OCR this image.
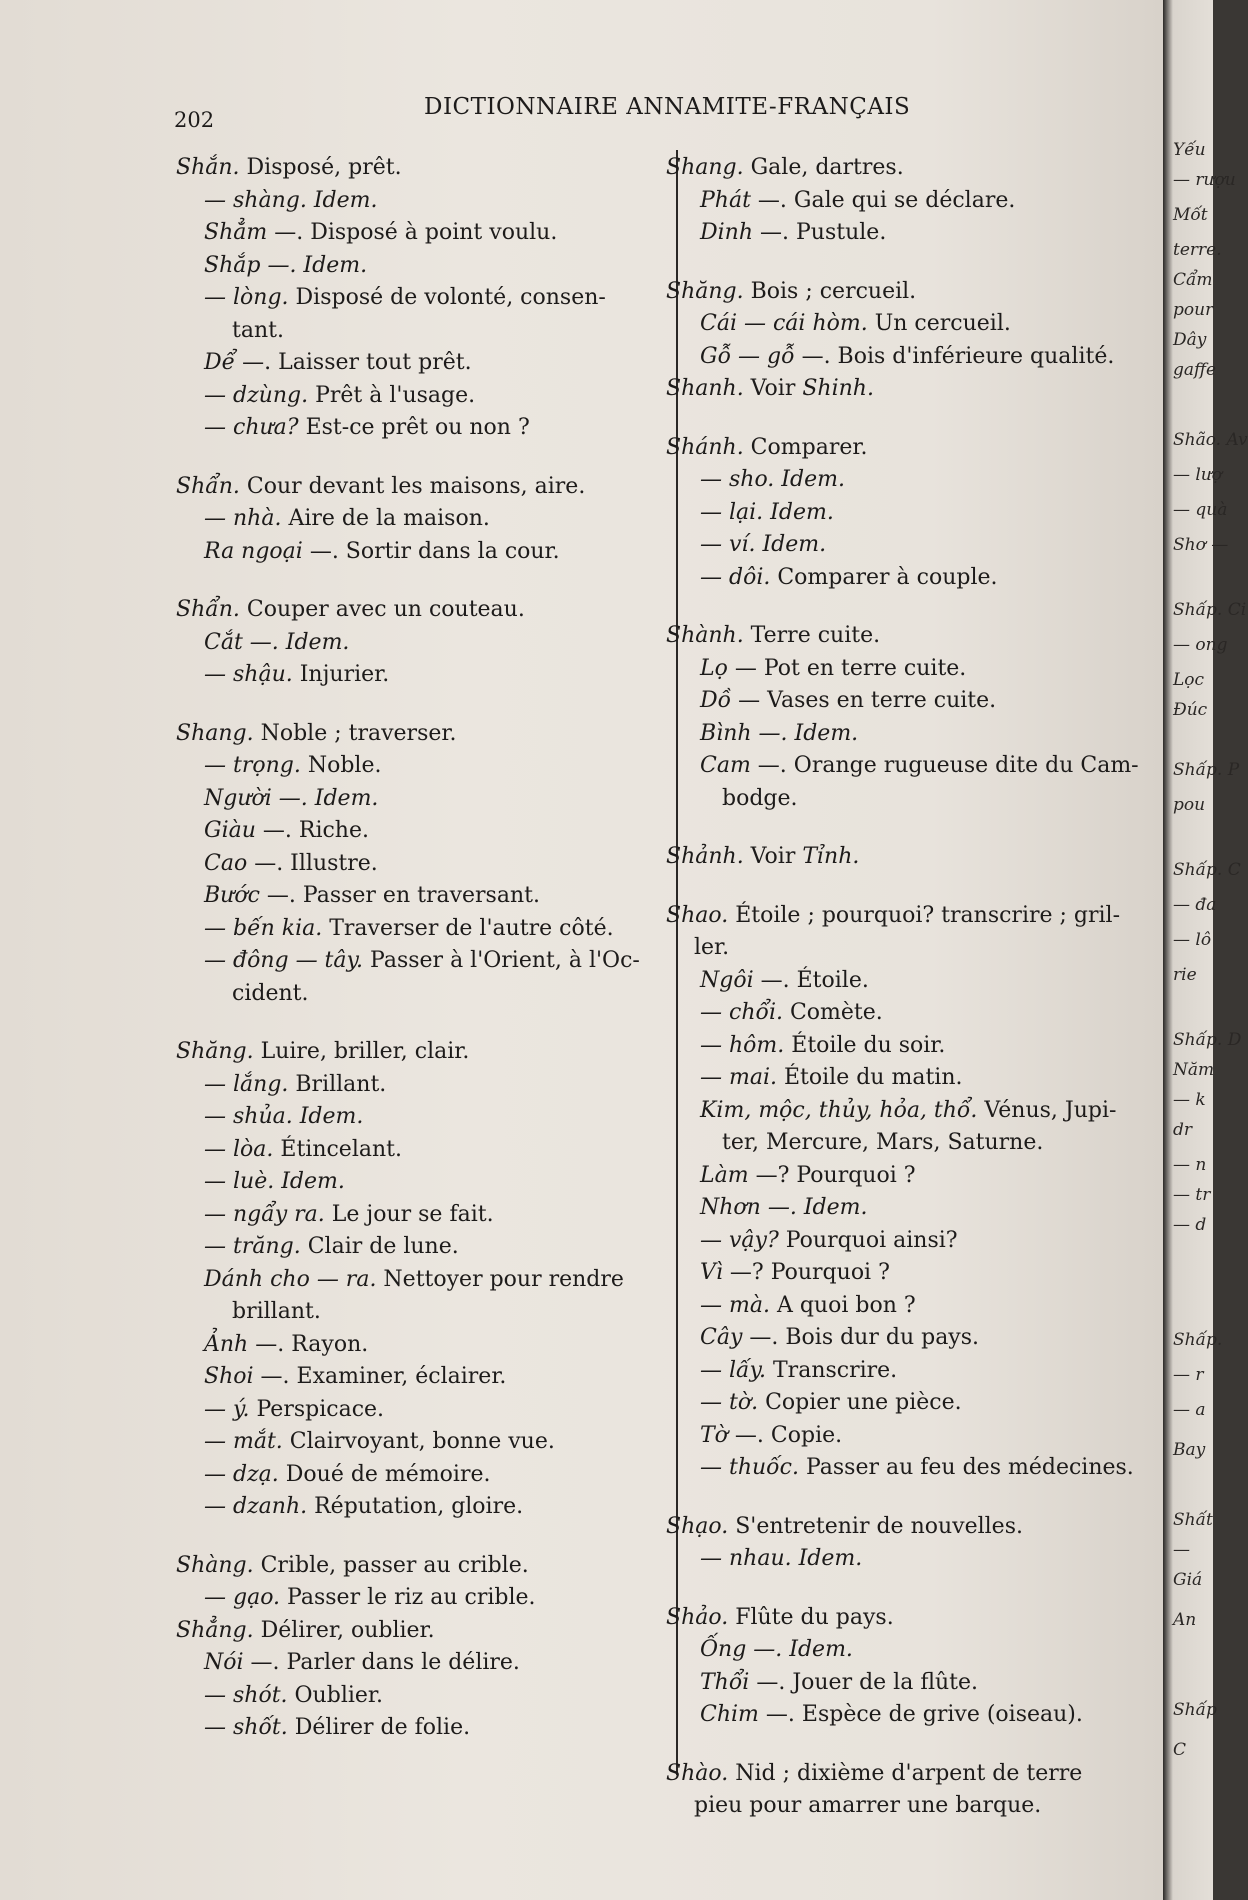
202	DICTIONNAIRE ANNAMITE-FRANÇAIS
Shắn. Disposé, prêt.
— shàng. Idem.
Shẳm —. Disposé à point voulu.
Shắp —. Idem.
— lòng. Disposé de volonté, consen-
tant.
Dể —. Laisser tout prêt.
— dzùng. Prêt à l'usage.
— chưa? Est-ce prêt ou non ?
Shẩn. Cour devant les maisons, aire.
— nhà. Aire de la maison.
Ra ngoại —. Sortir dans la cour.
Shẩn. Couper avec un couteau.
Cắt —. Idem.
— shậu. Injurier.
Shang. Noble ; traverser.
— trọng. Noble.
Người —. Idem.
Giàu —. Riche.
Cao —. Illustre.
Bước —. Passer en traversant.
— bến kia. Traverser de l'autre côté.
— đông — tây. Passer à l'Orient, à l'Oc-
cident.
Shăng. Luire, briller, clair.
— lắng. Brillant.
— shủa. Idem.
— lòa. Étincelant.
— luè. Idem.
— ngẩy ra. Le jour se fait.
— trăng. Clair de lune.
Dánh cho — ra. Nettoyer pour rendre
brillant.
Ảnh —. Rayon.
Shoi —. Examiner, éclairer.
— ý. Perspicace.
— mắt. Clairvoyant, bonne vue.
— dzạ. Doué de mémoire.
— dzanh. Réputation, gloire.
Shàng. Crible, passer au crible.
— gạo. Passer le riz au crible.
Shẳng. Délirer, oublier.
Nói —. Parler dans le délire.
— shót. Oublier.
— shốt. Délirer de folie.
Shang. Gale, dartres.
Phát —. Gale qui se déclare.
Dinh —. Pustule.
Shăng. Bois ; cercueil.
Cái — cái hòm. Un cercueil.
Gỗ — gỗ —. Bois d'inférieure qualité.
Shanh. Voir Shinh.
Shánh. Comparer.
— sho. Idem.
— lại. Idem.
— ví. Idem.
— dôi. Comparer à couple.
Shành. Terre cuite.
Lọ — Pot en terre cuite.
Dồ — Vases en terre cuite.
Bình —. Idem.
Cam —. Orange rugueuse dite du Cam-
bodge.
Shảnh. Voir Tỉnh.
Shao. Étoile ; pourquoi? transcrire ; gril-
ler.
Ngôi —. Étoile.
— chổi. Comète.
— hôm. Étoile du soir.
— mai. Étoile du matin.
Kim, mộc, thủy, hỏa, thổ. Vénus, Jupi-
ter, Mercure, Mars, Saturne.
Làm —? Pourquoi ?
Nhơn —. Idem.
— vậy? Pourquoi ainsi?
Vì —? Pourquoi ?
— mà. A quoi bon ?
Cây —. Bois dur du pays.
— lấy. Transcrire.
— tờ. Copier une pièce.
Tờ —. Copie.
— thuốc. Passer au feu des médecines.
Shạo. S'entretenir de nouvelles.
— nhau. Idem.
Shảo. Flûte du pays.
Ống —. Idem.
Thổi —. Jouer de la flûte.
Chim —. Espèce de grive (oiseau).
Shào. Nid ; dixième d'arpent de terre
pieu pour amarrer une barque.
Yếu
— rượu
Mốt
terre.
Cẩm
pour
Dây
gaffe
Shão. Av
— lượ
— quà
Shơ —
Shấp. Ci
— ong
Lọc
Đúc
Shấp. P
pou
Shấp. C
— đa
— lô
rie
Shấp. D
Năm
— k
dr
— n
— tr
— d
Shấp.
— r
— a
Bay
Shất
—
Giá
An
Shấp
C
